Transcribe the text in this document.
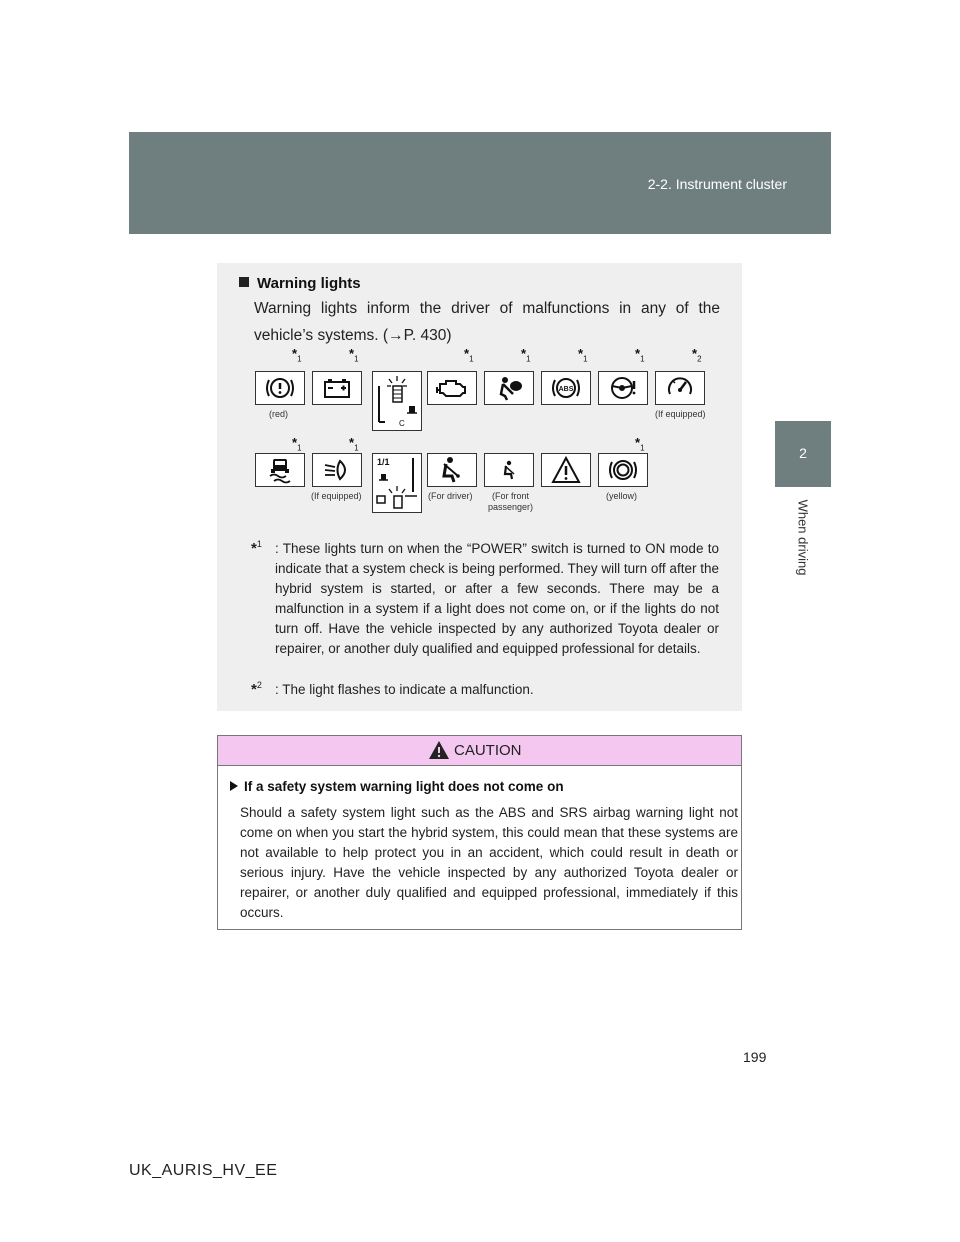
2-2. Instrument cluster
2
When driving
Warning lights
Warning lights inform the driver of malfunctions in any of the vehicle’s systems. (→P. 430)
$*_1$	$*_1$	$*_1$	$*_1$	$*_1$	$*_1$	$*_2$
C
ABS
(red)	(If equipped)
$*_1$	$*_1$	$*_1$
1/1
(If equipped)	(For driver)	(For front
passenger)
(yellow)
*$^1$ : These lights turn on when the “POWER” switch is turned to ON mode to indicate that a system check is being performed. They will turn off after the hybrid system is started, or after a few seconds. There may be a malfunction in a system if a light does not come on, or if the lights do not turn off. Have the vehicle inspected by any authorized Toyota dealer or repairer, or another duly qualified and equipped professional for details.
*$^2$ : The light flashes to indicate a malfunction.
CAUTION
If a safety system warning light does not come on
Should a safety system light such as the ABS and SRS airbag warning light not come on when you start the hybrid system, this could mean that these systems are not available to help protect you in an accident, which could result in death or serious injury. Have the vehicle inspected by any authorized Toyota dealer or repairer, or another duly qualified and equipped professional, immediately if this occurs.
199
UK_AURIS_HV_EE
